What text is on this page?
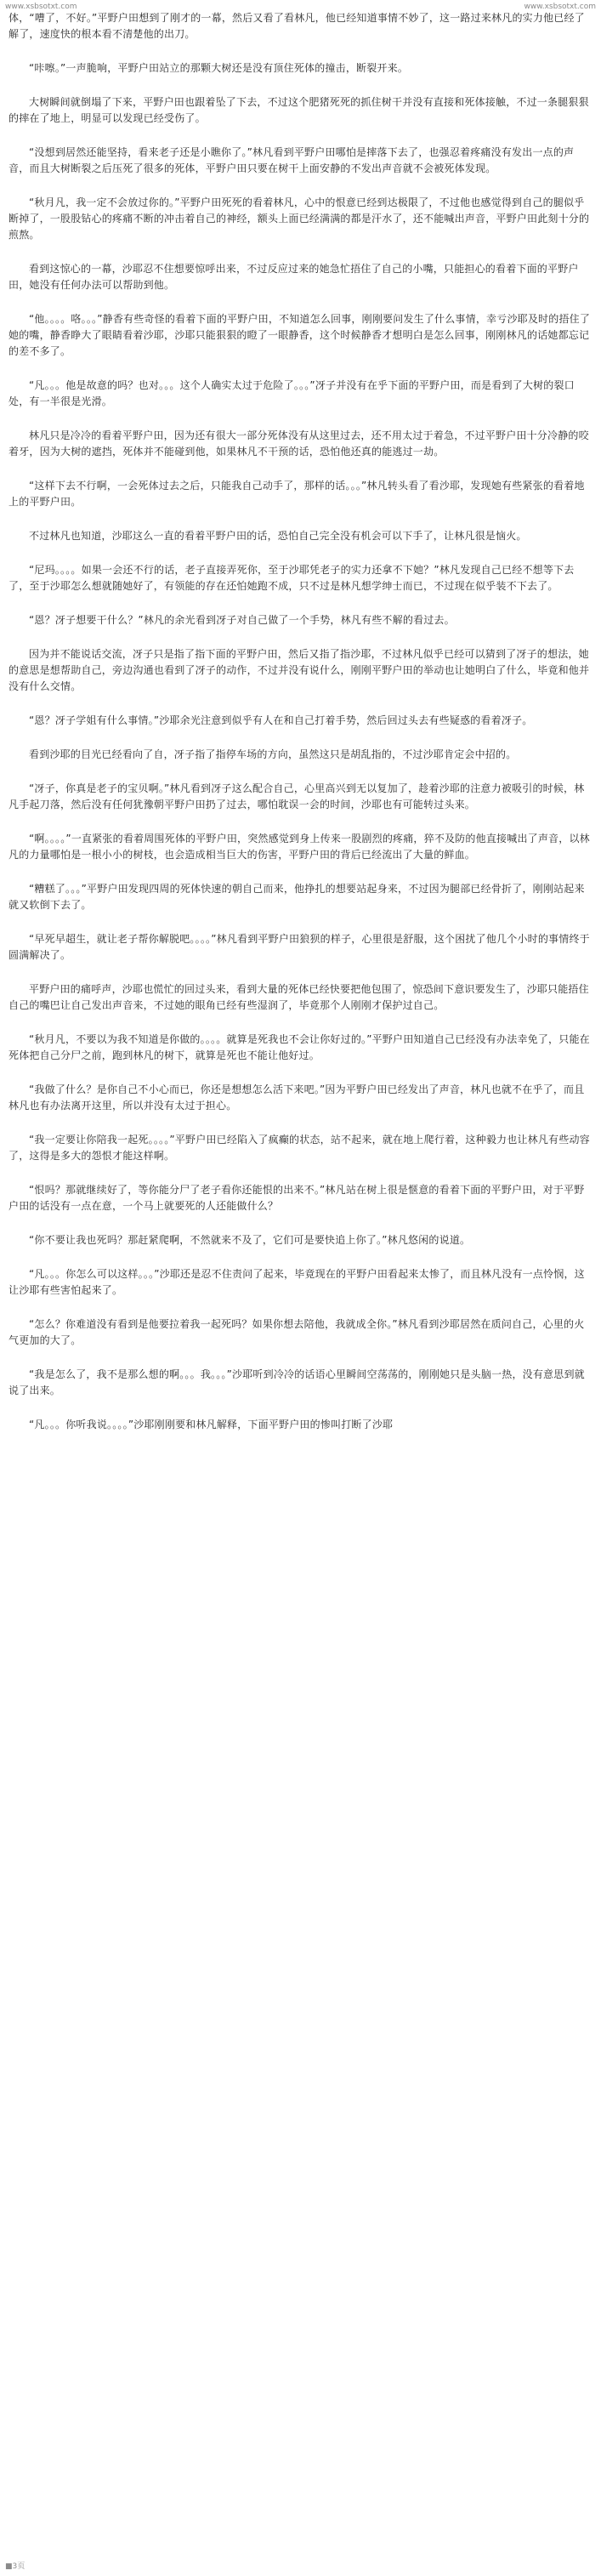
www.xsbsotxt.com	www.xsbsotxt.com

体，“嘈了，不好。”平野户田想到了刚才的一幕，然后又看了看林凡，他已经知道事情不妙了，这一路过来林凡的实力他已经了解了，速度快的根本看不清楚他的出刀。

“咔嚓。”一声脆响，平野户田站立的那颗大树还是没有顶住死体的撞击，断裂开来。

大树瞬间就倒塌了下来，平野户田也跟着坠了下去，不过这个肥猪死死的抓住树干并没有直接和死体接触，不过一条腿狠狠的摔在了地上，明显可以发现已经受伤了。

“没想到居然还能坚持，看来老子还是小瞧你了。”林凡看到平野户田哪怕是摔落下去了，也强忍着疼痛没有发出一点的声音，而且大树断裂之后压死了很多的死体，平野户田只要在树干上面安静的不发出声音就不会被死体发现。

“秋月凡，我一定不会放过你的。”平野户田死死的看着林凡，心中的恨意已经到达极限了，不过他也感觉得到自己的腿似乎断掉了，一股股钻心的疼痛不断的冲击着自己的神经，额头上面已经满满的都是汗水了，还不能喊出声音，平野户田此刻十分的煎熬。

看到这惊心的一幕，沙耶忍不住想要惊呼出来，不过反应过来的她急忙捂住了自己的小嘴，只能担心的看着下面的平野户田，她没有任何办法可以帮助到他。

“他。。。。咯。。。”静香有些奇怪的看着下面的平野户田，不知道怎么回事，刚刚要问发生了什么事情，幸亏沙耶及时的捂住了她的嘴，静香睁大了眼睛看着沙耶，沙耶只能狠狠的瞪了一眼静香，这个时候静香才想明白是怎么回事，刚刚林凡的话她都忘记的差不多了。

“凡。。。他是故意的吗？也对。。。这个人确实太过于危险了。。。”冴子并没有在乎下面的平野户田，而是看到了大树的裂口处，有一半很是光滑。

林凡只是冷冷的看着平野户田，因为还有很大一部分死体没有从这里过去，还不用太过于着急，不过平野户田十分冷静的咬着牙，因为大树的遮挡，死体并不能碰到他，如果林凡不干预的话，恐怕他还真的能逃过一劫。

“这样下去不行啊，一会死体过去之后，只能我自己动手了，那样的话。。。”林凡转头看了看沙耶，发现她有些紧张的看着地上的平野户田。

不过林凡也知道，沙耶这么一直的看着平野户田的话，恐怕自己完全没有机会可以下手了，让林凡很是恼火。

“尼玛。。。。如果一会还不行的话，老子直接弄死你，至于沙耶凭老子的实力还拿不下她？”林凡发现自己已经不想等下去了，至于沙耶怎么想就随她好了，有领能的存在还怕她跑不成，只不过是林凡想学绅士而已，不过现在似乎装不下去了。

“恩？冴子想要干什么？”林凡的余光看到冴子对自己做了一个手势，林凡有些不解的看过去。

因为并不能说话交流，冴子只是指了指下面的平野户田，然后又指了指沙耶，不过林凡似乎已经可以猜到了冴子的想法，她的意思是想帮助自己，旁边沟通也看到了冴子的动作，不过并没有说什么，刚刚平野户田的举动也让她明白了什么，毕竟和他并没有什么交情。

“恩？冴子学姐有什么事情。”沙耶余光注意到似乎有人在和自己打着手势，然后回过头去有些疑惑的看着冴子。

看到沙耶的目光已经看向了自，冴子指了指停车场的方向，虽然这只是胡乱指的，不过沙耶肯定会中招的。

“冴子，你真是老子的宝贝啊。”林凡看到冴子这么配合自己，心里高兴到无以复加了，趁着沙耶的注意力被吸引的时候，林凡手起刀落，然后没有任何犹豫朝平野户田扔了过去，哪怕耽误一会的时间，沙耶也有可能转过头来。

“啊。。。。”一直紧张的看着周围死体的平野户田，突然感觉到身上传来一股剧烈的疼痛，猝不及防的他直接喊出了声音，以林凡的力量哪怕是一根小小的树枝，也会造成相当巨大的伤害，平野户田的背后已经流出了大量的鲜血。

“糟糕了。。。”平野户田发现四周的死体快速的朝自己而来，他挣扎的想要站起身来，不过因为腿部已经骨折了，刚刚站起来就又软倒下去了。

“早死早超生，就让老子帮你解脱吧。。。。”林凡看到平野户田狼狈的样子，心里很是舒服，这个困扰了他几个小时的事情终于圆满解决了。

平野户田的痛呼声，沙耶也慌忙的回过头来，看到大量的死体已经快要把他包围了，惊恐间下意识要发生了，沙耶只能捂住自己的嘴巴让自己发出声音来，不过她的眼角已经有些湿润了，毕竟那个人刚刚才保护过自己。

“秋月凡，不要以为我不知道是你做的。。。。就算是死我也不会让你好过的。”平野户田知道自己已经没有办法幸免了，只能在死体把自己分尸之前，跑到林凡的树下，就算是死也不能让他好过。

“我做了什么？是你自己不小心而已，你还是想想怎么活下来吧。”因为平野户田已经发出了声音，林凡也就不在乎了，而且林凡也有办法离开这里，所以并没有太过于担心。

“我一定要让你陪我一起死。。。。”平野户田已经陷入了疯癫的状态，站不起来，就在地上爬行着，这种毅力也让林凡有些动容了，这得是多大的怨恨才能这样啊。

“恨吗？那就继续好了，等你能分尸了老子看你还能恨的出来不。”林凡站在树上很是惬意的看着下面的平野户田，对于平野户田的话没有一点在意，一个马上就要死的人还能做什么？

“你不要让我也死吗？那赶紧爬啊，不然就来不及了，它们可是要快追上你了。”林凡悠闲的说道。

“凡。。。你怎么可以这样。。。”沙耶还是忍不住责问了起来，毕竟现在的平野户田看起来太惨了，而且林凡没有一点怜悯，这让沙耶有些害怕起来了。

“怎么？你难道没有看到是他要拉着我一起死吗？如果你想去陪他，我就成全你。”林凡看到沙耶居然在质问自己，心里的火气更加的大了。

“我是怎么了，我不是那么想的啊。。。我。。。”沙耶听到冷冷的话语心里瞬间空荡荡的，刚刚她只是头脑一热，没有意思到就说了出来。

“凡。。。你听我说。。。。”沙耶刚刚要和林凡解释，下面平野户田的惨叫打断了沙耶

■3页
